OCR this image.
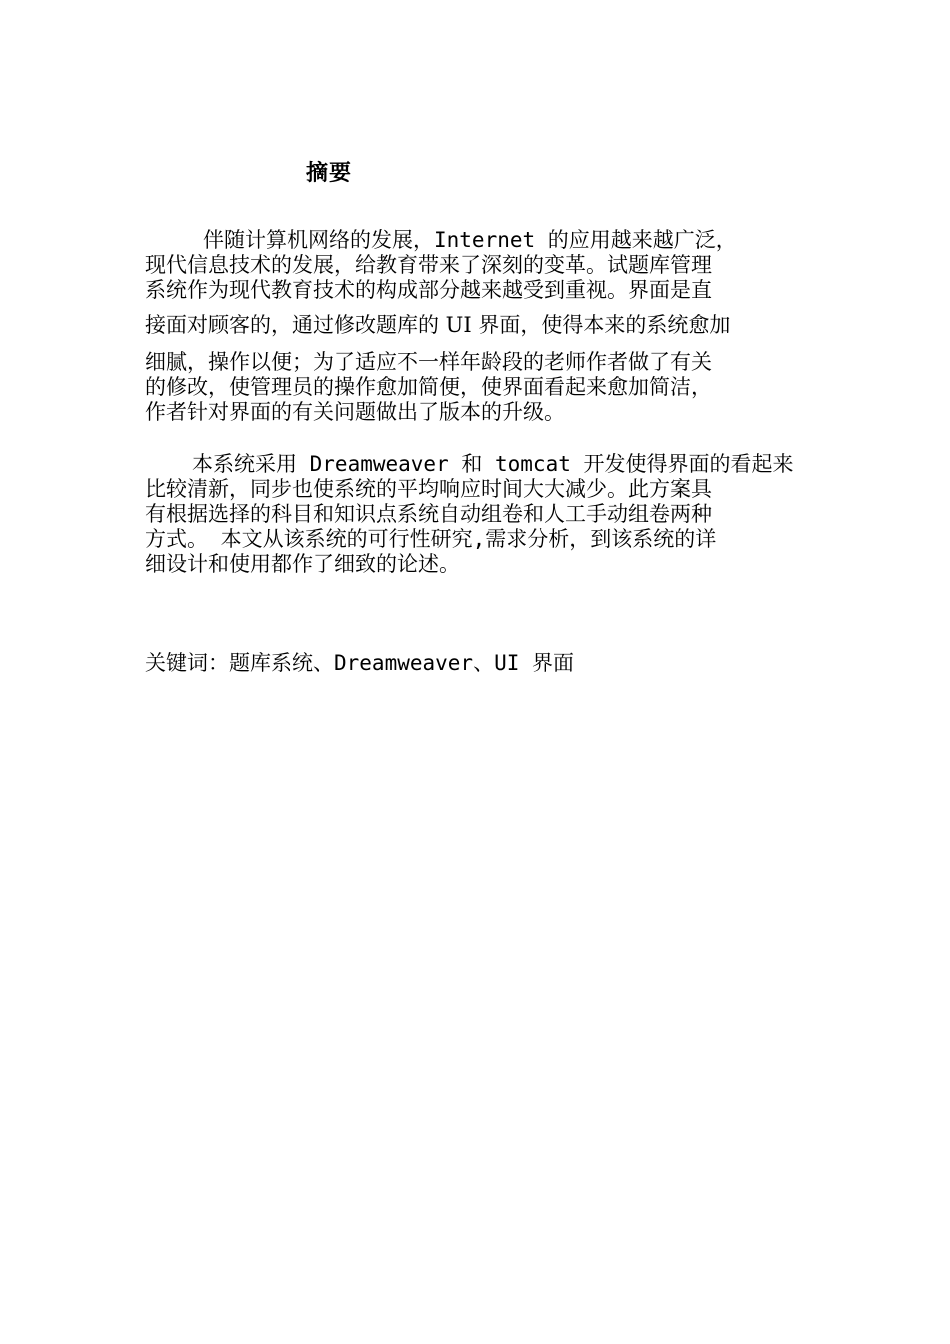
摘要
伴随计算机网络的发展，Internet 的应用越来越广泛，
现代信息技术的发展，给教育带来了深刻的变革。试题库管理
系统作为现代教育技术的构成部分越来越受到重视。界面是直
接面对顾客的，通过修改题库的 UI 界面，使得本来的系统愈加
细腻，操作以便；为了适应不一样年龄段的老师作者做了有关
的修改，使管理员的操作愈加简便，使界面看起来愈加简洁，
作者针对界面的有关问题做出了版本的升级。
本系统采用 Dreamweaver 和 tomcat 开发使得界面的看起来
比较清新，同步也使系统的平均响应时间大大减少。此方案具
有根据选择的科目和知识点系统自动组卷和人工手动组卷两种
方式。 本文从该系统的可行性研究,需求分析，到该系统的详
细设计和使用都作了细致的论述。
关键词：题库系统、Dreamweaver、UI 界面
